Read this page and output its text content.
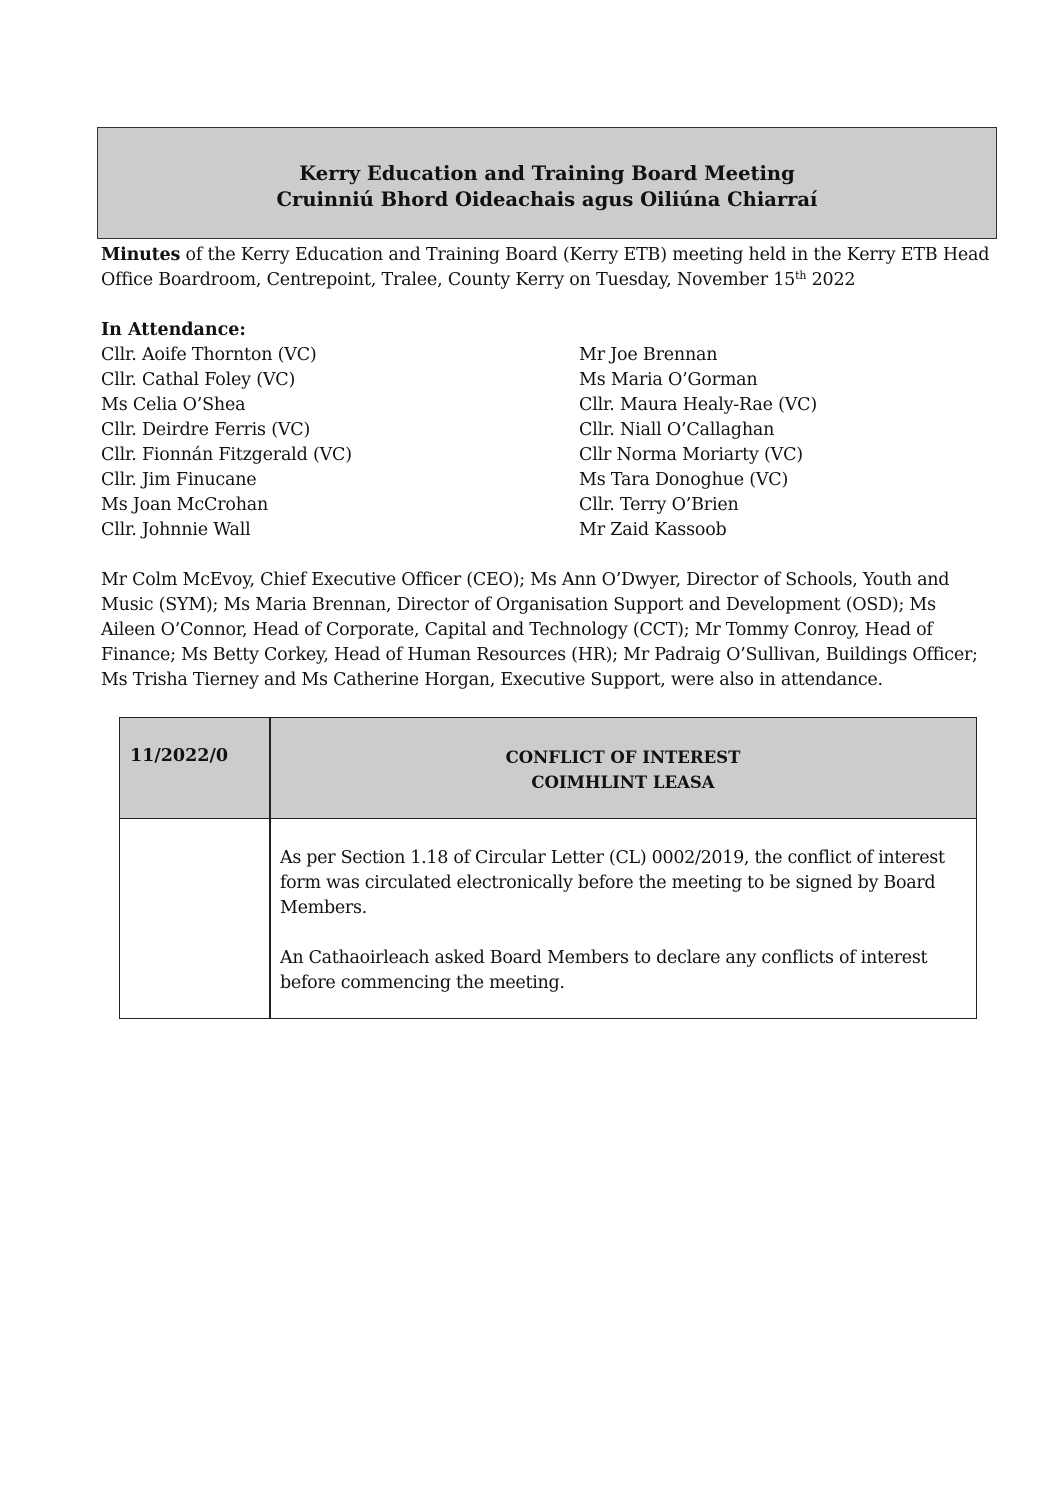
Kerry Education and Training Board Meeting
Cruinniú Bhord Oideachais agus Oiliúna Chiarraí
Minutes of the Kerry Education and Training Board (Kerry ETB) meeting held in the Kerry ETB Head Office Boardroom, Centrepoint, Tralee, County Kerry on Tuesday, November 15th 2022
In Attendance:
Cllr. Aoife Thornton (VC)
Cllr. Cathal Foley (VC)
Ms Celia O’Shea
Cllr. Deirdre Ferris (VC)
Cllr. Fionnán Fitzgerald (VC)
Cllr. Jim Finucane
Ms Joan McCrohan
Cllr. Johnnie Wall
Mr Joe Brennan
Ms Maria O’Gorman
Cllr. Maura Healy-Rae (VC)
Cllr. Niall O’Callaghan
Cllr Norma Moriarty (VC)
Ms Tara Donoghue (VC)
Cllr. Terry O’Brien
Mr Zaid Kassoob
Mr Colm McEvoy, Chief Executive Officer (CEO); Ms Ann O’Dwyer, Director of Schools, Youth and Music (SYM); Ms Maria Brennan, Director of Organisation Support and Development (OSD); Ms Aileen O’Connor, Head of Corporate, Capital and Technology (CCT); Mr Tommy Conroy, Head of Finance; Ms Betty Corkey, Head of Human Resources (HR); Mr Padraig O’Sullivan, Buildings Officer; Ms Trisha Tierney and Ms Catherine Horgan, Executive Support, were also in attendance.
11/2022/0	CONFLICT OF INTEREST
COIMHLINT LEASA

As per Section 1.18 of Circular Letter (CL) 0002/2019, the conflict of interest form was circulated electronically before the meeting to be signed by Board Members.

An Cathaoirleach asked Board Members to declare any conflicts of interest before commencing the meeting.
